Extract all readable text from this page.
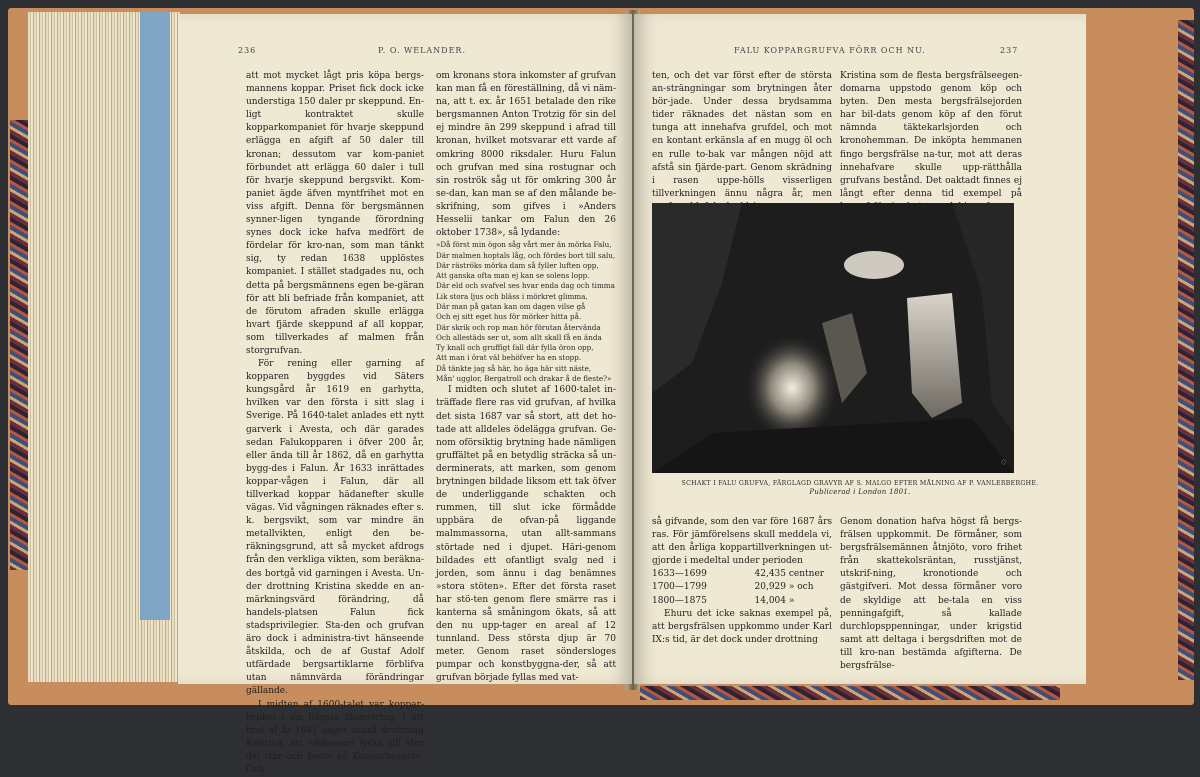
236	P. O. WELANDER.

att mot mycket lågt pris köpa bergs-mannens koppar. Priset fick dock icke understiga 150 daler pr skeppund. En-ligt kontraktet skulle kopparkompaniet för hvarje skeppund erlägga en afgift af 50 daler till kronan; dessutom var kom-paniet förbundet att erlägga 60 daler i tull för hvarje skeppund bergsvikt. Kom-paniet ägde äfven myntfrihet mot en viss afgift. Denna för bergsmännen synner-ligen tyngande förordning synes dock icke hafva medfört de fördelar för kro-nan, som man tänkt sig, ty redan 1638 upplöstes kompaniet. I stället stadgades nu, och detta på bergsmännens egen be-gäran för att bli befriade från kompaniet, att de förutom afraden skulle erlägga hvart fjärde skeppund af all koppar, som tillverkades af malmen från storgrufvan.

För rening eller garning af kopparen byggdes vid Säters kungsgård år 1619 en garhytta, hvilken var den första i sitt slag i Sverige. På 1640-talet anlades ett nytt garverk i Avesta, och där garades sedan Falukopparen i öfver 200 år, eller ända till år 1862, då en garhytta bygg-des i Falun. År 1633 inrättades koppar-vågen i Falun, där all tillverkad koppar hädanefter skulle vägas. Vid vågningen räknades efter s. k. bergsvikt, som var mindre än metallvikten, enligt den be-räkningsgrund, att så mycket afdrogs från den verkliga vikten, som beräkna-des bortgå vid garningen i Avesta. Un-der drottning Kristina skedde en an-märkningsvärd förändring, då handels-platsen Falun fick stadsprivilegier. Sta-den och grufvan äro dock i administra-tivt hänseende åtskilda, och de af Gustaf Adolf utfärdade bergsartiklarne förblifva utan nämnvärda förändringar gällande.

I midten af 1600-talet var koppar-bruket i sin högsta blomstring. I ett bref af år 1641 säger också drottning Kristina, att »Rikesens lycka till stor del står och beror på Kopparberget». Och

om kronans stora inkomster af grufvan kan man få en föreställning, då vi näm-na, att t. ex. år 1651 betalade den rike bergsmannen Anton Trotzig för sin del ej mindre än 299 skeppund i afrad till kronan, hvilket motsvarar ett varde af omkring 8000 riksdaler. Huru Falun och grufvan med sina rostugnar och sin roströk såg ut för omkring 300 år se-dan, kan man se af den målande be-skrifning, som gifves i »Anders Hesselii tankar om Falun den 26 oktober 1738», så lydande:

»Då först min ögon såg vårt mer än mörka Falu,
Där malmen hoptals låg, och fördes bort till salu,
Där räströks mörka dam så fyller luften opp,
Att ganska ofta man ej kan se solens lopp.
Där eld och svafvel ses hvar enda dag och timma
Lik stora ljus och bläss i mörkret glimma,
Där man på gatan kan om dagen vilse gå
Och ej sitt eget hus för mörker hitta på.
Där skrik och rop man hör förutan återvända
Och allestäds ser ut, som allt skall få en ända
Ty knall och gruffigt fall där fylla öron opp,
Att man i örat väl behöfver ha en stopp.
Då tänkte jag så här, ho äga här sitt näste,
Mån' ugglor, Bergatroll och drakar å de fleste?»

I midten och slutet af 1600-talet in-träffade flere ras vid grufvan, af hvilka det sista 1687 var så stort, att det ho-tade att alldeles ödelägga grufvan. Ge-nom oförsiktig brytning hade nämligen gruffältet på en betydlig sträcka så un-derminerats, att marken, som genom brytningen bildade liksom ett tak öfver de underliggande schakten och rummen, till slut icke förmådde uppbära de ofvan-på liggande malmmassorna, utan allt-sammans störtade ned i djupet. Häri-genom bildades ett ofantligt svalg ned i jorden, som ännu i dag benämnes »stora stöten». Efter det första raset har stö-ten genom flere smärre ras i kanterna så småningom ökats, så att den nu upp-tager en areal af 12 tunnland. Dess största djup är 70 meter. Genom raset söndersloges pumpar och konstbyggna-der, så att grufvan började fyllas med vat-

FALU KOPPARGRUFVA FÖRR OCH NU.	237

ten, och det var först efter de största an-strängningar som brytningen åter bör-jade. Under dessa brydsamma tider räknades det nästan som en tunga att innehafva grufdel, och mot en kontant erkänsla af en mugg öl och en rulle to-bak var mången nöjd att afstå sin fjärde-part. Genom skrädning i rasen uppe-hölls visserligen tillverkningen ännu några år, men

Kristina som de flesta bergsfrälseegen-domarna uppstodo genom köp och byten. Den mesta bergsfrälsejorden har bil-dats genom köp af den förut nämnda täktekarlsjorden och kronohemman. De inköpta hemmanen fingo bergsfrälse na-tur, mot att deras innehafvare skulle upp-rätthålla grufvans bestånd. Det oaktadt finnes ej långt efter denna tid exempel på

så gifvande, som den var före 1687 års ras. För jämförelsens skull meddela vi, att den årliga koppartillverkningen ut-gjorde i medeltal under perioden

1633—1699	42,435 centner
1700—1799	20,929 » och
1800—1875	14,004 »

Ehuru det icke saknas exempel på, att bergsfrälsen uppkommo under Karl IX:s tid, är det dock under drottning

Genom donation hafva högst få bergs-frälsen uppkommit. De förmåner, som bergsfrälsemännen åtnjöto, voro frihet från skattekolsräntan, russtjänst, utskrif-ning, kronotionde och gästgifveri. Mot dessa förmåner voro de skyldige att be-tala en viss penningafgift, så kallade durchlopsppenningar, under krigstid samt att deltaga i bergsdriften mot de till kro-nan bestämda afgifterna. De bergsfrälse-

♢
SCHAKT I FALU GRUFVA, FÄRGLAGD GRAVYR AF S. MALGO EFTER MÅLNING AF P. VANLERBERGHE.
Publicerad i London 1801.
